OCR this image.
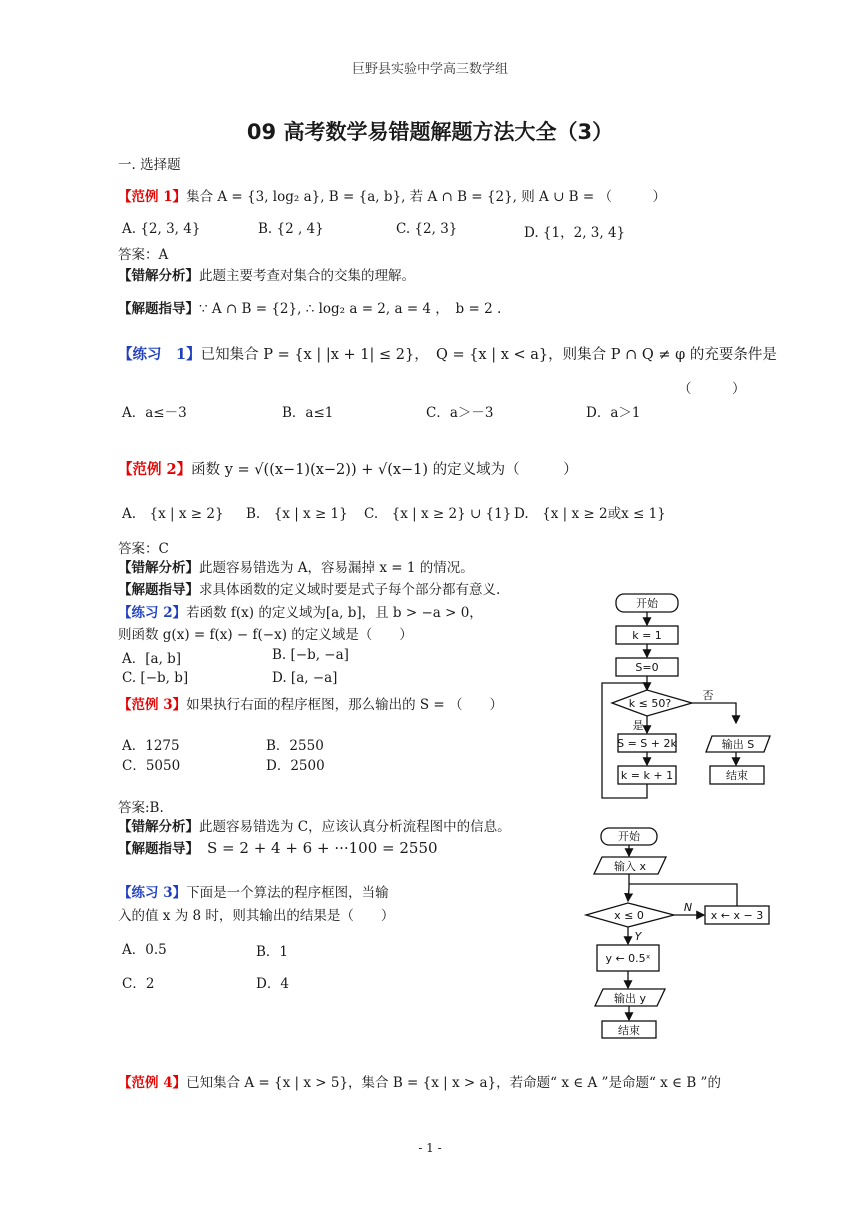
巨野县实验中学高三数学组
09 高考数学易错题解题方法大全（3）
一. 选择题
【范例 1】集合 A = {3, log₂ a}, B = {a, b}, 若 A ∩ B = {2}, 则 A ∪ B = （　　　）
A. {2, 3, 4}	B. {2 , 4}	C. {2, 3}	D. {1，2, 3, 4}
答案：A
【错解分析】此题主要考查对集合的交集的理解。
【解题指导】∵ A ∩ B = {2}, ∴ log₂ a = 2, a = 4 ，　b = 2 .
【练习　1】已知集合 P = {x | |x + 1| ≤ 2}，　Q = {x | x < a}，则集合 P ∩ Q ≠ φ 的充要条件是
（　　　）
A．a≤－3	B．a≤1	C．a＞－3	D．a＞1
【范例 2】函数 y = √((x−1)(x−2)) + √(x−1) 的定义域为（　　　）
A.　{x | x ≥ 2} B.　{x | x ≥ 1} C.　{x | x ≥ 2} ∪ {1} D.　{x | x ≥ 2或x ≤ 1}
答案：C
【错解分析】此题容易错选为 A，容易漏掉 x = 1 的情况。
【解题指导】求具体函数的定义域时要是式子每个部分都有意义.
【练习 2】若函数 f(x) 的定义域为[a, b]，且 b > −a > 0，
则函数 g(x) = f(x) − f(−x) 的定义域是（　　）
A．[a, b]	B. [−b, −a]
C. [−b, b]	D. [a, −a]
【范例 3】如果执行右面的程序框图，那么输出的 S = （　　）
A．1275	B．2550
C．5050	D．2500
答案:B.
【错解分析】此题容易错选为 C，应该认真分析流程图中的信息。
【解题指导】 S = 2 + 4 + 6 + ···100 = 2550
【练习 3】下面是一个算法的程序框图，当输
入的值 x 为 8 时，则其输出的结果是（　　）
A．0.5	B．1
C．2	D．4
【范例 4】已知集合 A = {x | x > 5}，集合 B = {x | x > a}，若命题“ x ∈ A ”是命题“ x ∈ B ”的
开始
k = 1
S=0
k ≤ 50?
否
是
S = S + 2k
k = k + 1
输出 S
结束
开始
输入 x
x ≤ 0
N
Y
x ← x − 3
y ← 0.5ˣ
输出 y
结束
- 1 -
